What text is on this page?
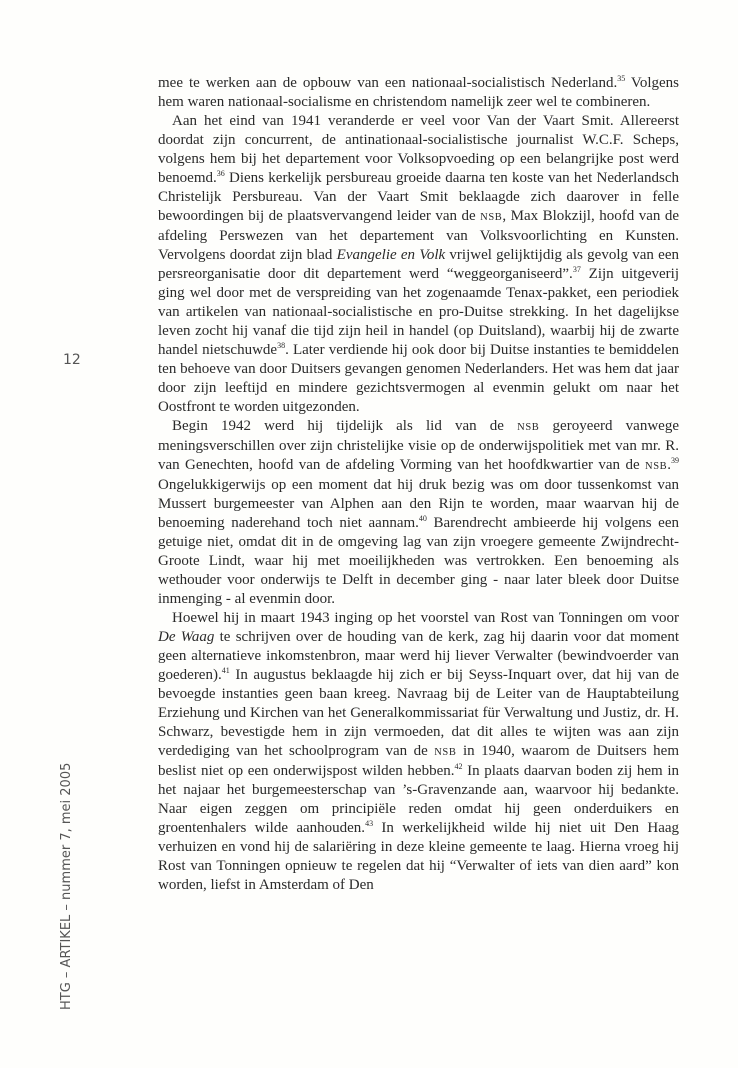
12

HTG – ARTIKEL – nummer 7, mei 2005

mee te werken aan de opbouw van een nationaal-socialistisch Nederland.$^{35}$ Volgens hem waren nationaal-socialisme en christendom namelijk zeer wel te combineren.

Aan het eind van 1941 veranderde er veel voor Van der Vaart Smit. Allereerst doordat zijn concurrent, de antinationaal-socialistische journalist W.C.F. Scheps, volgens hem bij het departement voor Volksopvoeding op een belangrijke post werd benoemd.$^{36}$ Diens kerkelijk persbureau groeide daarna ten koste van het Nederlandsch Christelijk Persbureau. Van der Vaart Smit beklaagde zich daarover in felle bewoordingen bij de plaatsvervangend leider van de NSB, Max Blokzijl, hoofd van de afdeling Perswezen van het departement van Volksvoorlichting en Kunsten. Vervolgens doordat zijn blad Evangelie en Volk vrijwel gelijktijdig als gevolg van een persreorganisatie door dit departement werd “weggeorganiseerd”.$^{37}$ Zijn uitgeverij ging wel door met de verspreiding van het zogenaamde Tenax-pakket, een periodiek van artikelen van nationaal-socialistische en pro-Duitse strekking. In het dagelijkse leven zocht hij vanaf die tijd zijn heil in handel (op Duitsland), waarbij hij de zwarte handel nietschuwde$^{38}$. Later verdiende hij ook door bij Duitse instanties te bemiddelen ten behoeve van door Duitsers gevangen genomen Nederlanders. Het was hem dat jaar door zijn leeftijd en mindere gezichtsvermogen al evenmin gelukt om naar het Oostfront te worden uitgezonden.

Begin 1942 werd hij tijdelijk als lid van de NSB geroyeerd vanwege meningsverschillen over zijn christelijke visie op de onderwijspolitiek met van mr. R. van Genechten, hoofd van de afdeling Vorming van het hoofdkwartier van de NSB.$^{39}$ Ongelukkigerwijs op een moment dat hij druk bezig was om door tussenkomst van Mussert burgemeester van Alphen aan den Rijn te worden, maar waarvan hij de benoeming naderehand toch niet aannam.$^{40}$ Barendrecht ambieerde hij volgens een getuige niet, omdat dit in de omgeving lag van zijn vroegere gemeente Zwijndrecht-Groote Lindt, waar hij met moeilijkheden was vertrokken. Een benoeming als wethouder voor onderwijs te Delft in december ging - naar later bleek door Duitse inmenging - al evenmin door.

Hoewel hij in maart 1943 inging op het voorstel van Rost van Tonningen om voor De Waag te schrijven over de houding van de kerk, zag hij daarin voor dat moment geen alternatieve inkomstenbron, maar werd hij liever Verwalter (bewindvoerder van goederen).$^{41}$ In augustus beklaagde hij zich er bij Seyss-Inquart over, dat hij van de bevoegde instanties geen baan kreeg. Navraag bij de Leiter van de Hauptabteilung Erziehung und Kirchen van het Generalkommissariat für Verwaltung und Justiz, dr. H. Schwarz, bevestigde hem in zijn vermoeden, dat dit alles te wijten was aan zijn verdediging van het schoolprogram van de NSB in 1940, waarom de Duitsers hem beslist niet op een onderwijspost wilden hebben.$^{42}$ In plaats daarvan boden zij hem in het najaar het burgemeesterschap van ’s-Gravenzande aan, waarvoor hij bedankte. Naar eigen zeggen om principiële reden omdat hij geen onderduikers en groentenhalers wilde aanhouden.$^{43}$ In werkelijkheid wilde hij niet uit Den Haag verhuizen en vond hij de salariëring in deze kleine gemeente te laag. Hierna vroeg hij Rost van Tonningen opnieuw te regelen dat hij “Verwalter of iets van dien aard” kon worden, liefst in Amsterdam of Den
